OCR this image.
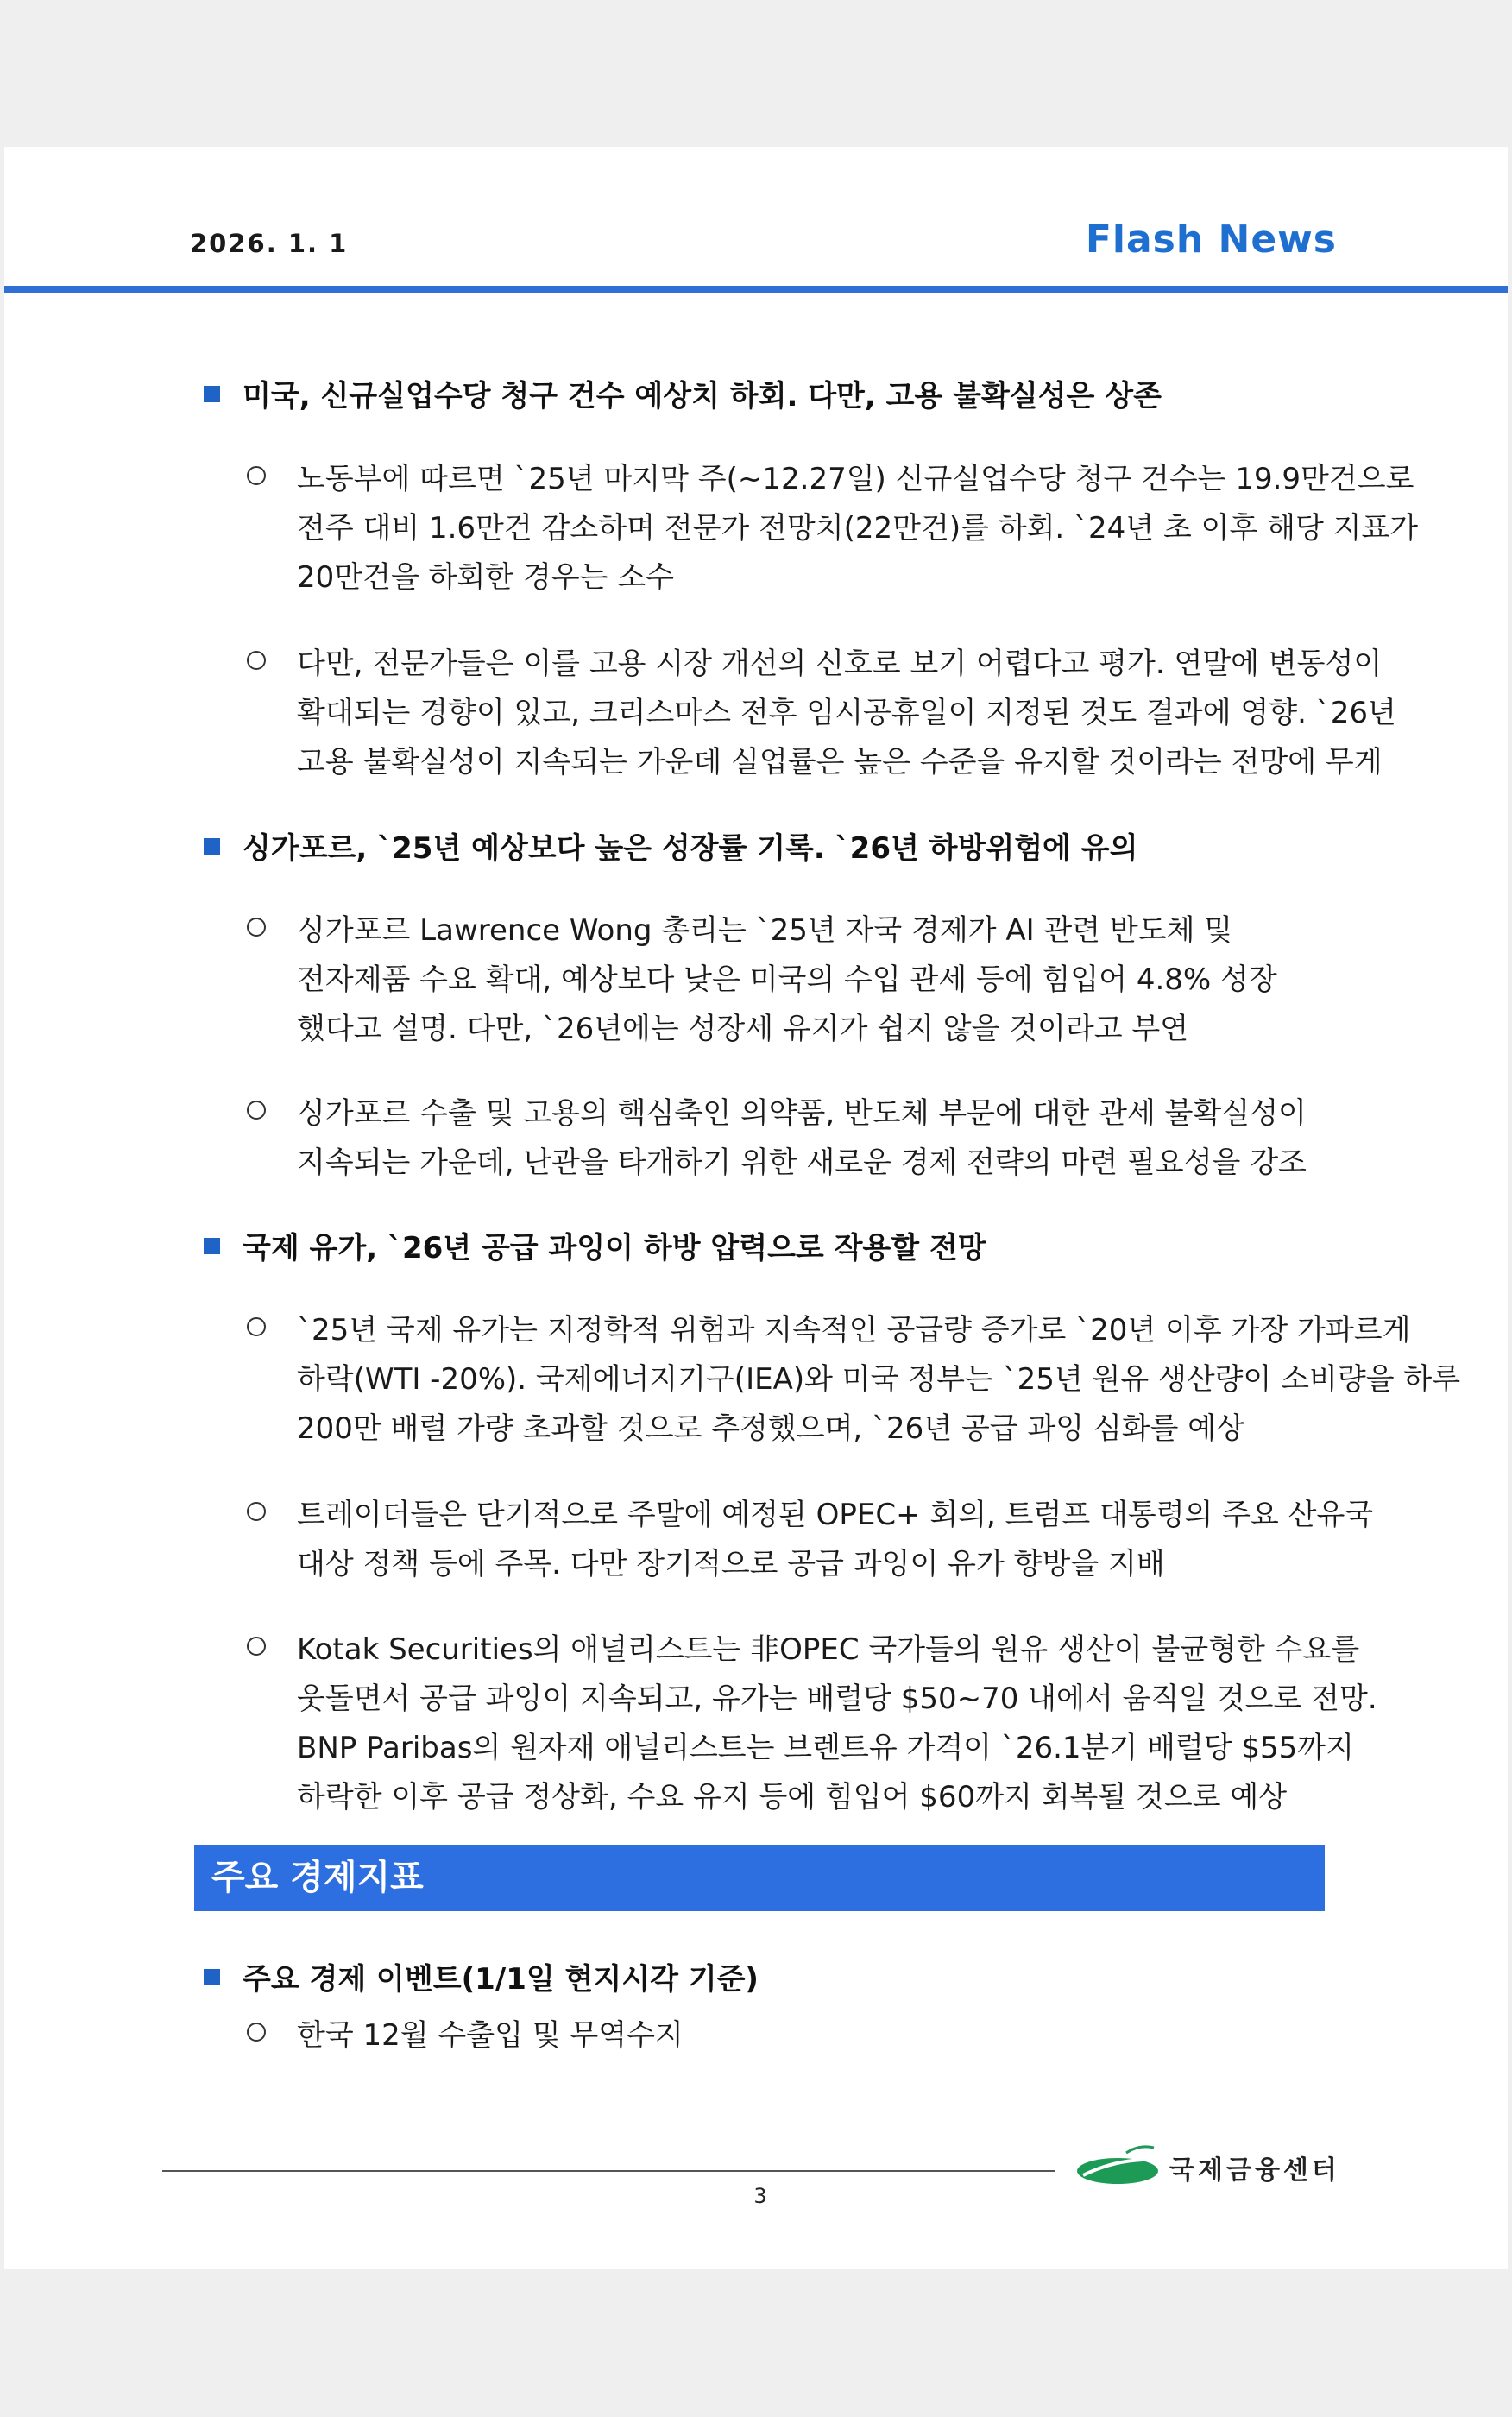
2026. 1. 1	Flash News
미국, 신규실업수당 청구 건수 예상치 하회. 다만, 고용 불확실성은 상존
노동부에 따르면 `25년 마지막 주(~12.27일) 신규실업수당 청구 건수는 19.9만건으로
전주 대비 1.6만건 감소하며 전문가 전망치(22만건)를 하회. `24년 초 이후 해당 지표가
20만건을 하회한 경우는 소수
다만, 전문가들은 이를 고용 시장 개선의 신호로 보기 어렵다고 평가. 연말에 변동성이
확대되는 경향이 있고, 크리스마스 전후 임시공휴일이 지정된 것도 결과에 영향. `26년
고용 불확실성이 지속되는 가운데 실업률은 높은 수준을 유지할 것이라는 전망에 무게
싱가포르, `25년 예상보다 높은 성장률 기록. `26년 하방위험에 유의
싱가포르 Lawrence Wong 총리는 `25년 자국 경제가 AI 관련 반도체 및
전자제품 수요 확대, 예상보다 낮은 미국의 수입 관세 등에 힘입어 4.8% 성장
했다고 설명. 다만, `26년에는 성장세 유지가 쉽지 않을 것이라고 부연
싱가포르 수출 및 고용의 핵심축인 의약품, 반도체 부문에 대한 관세 불확실성이
지속되는 가운데, 난관을 타개하기 위한 새로운 경제 전략의 마련 필요성을 강조
국제 유가, `26년 공급 과잉이 하방 압력으로 작용할 전망
`25년 국제 유가는 지정학적 위험과 지속적인 공급량 증가로 `20년 이후 가장 가파르게
하락(WTI -20%). 국제에너지기구(IEA)와 미국 정부는 `25년 원유 생산량이 소비량을 하루
200만 배럴 가량 초과할 것으로 추정했으며, `26년 공급 과잉 심화를 예상
트레이더들은 단기적으로 주말에 예정된 OPEC+ 회의, 트럼프 대통령의 주요 산유국
대상 정책 등에 주목. 다만 장기적으로 공급 과잉이 유가 향방을 지배
Kotak Securities의 애널리스트는 非OPEC 국가들의 원유 생산이 불균형한 수요를
웃돌면서 공급 과잉이 지속되고, 유가는 배럴당 $50~70 내에서 움직일 것으로 전망.
BNP Paribas의 원자재 애널리스트는 브렌트유 가격이 `26.1분기 배럴당 $55까지
하락한 이후 공급 정상화, 수요 유지 등에 힘입어 $60까지 회복될 것으로 예상
주요 경제지표
주요 경제 이벤트(1/1일 현지시각 기준)
한국 12월 수출입 및 무역수지
국제금융센터
3
